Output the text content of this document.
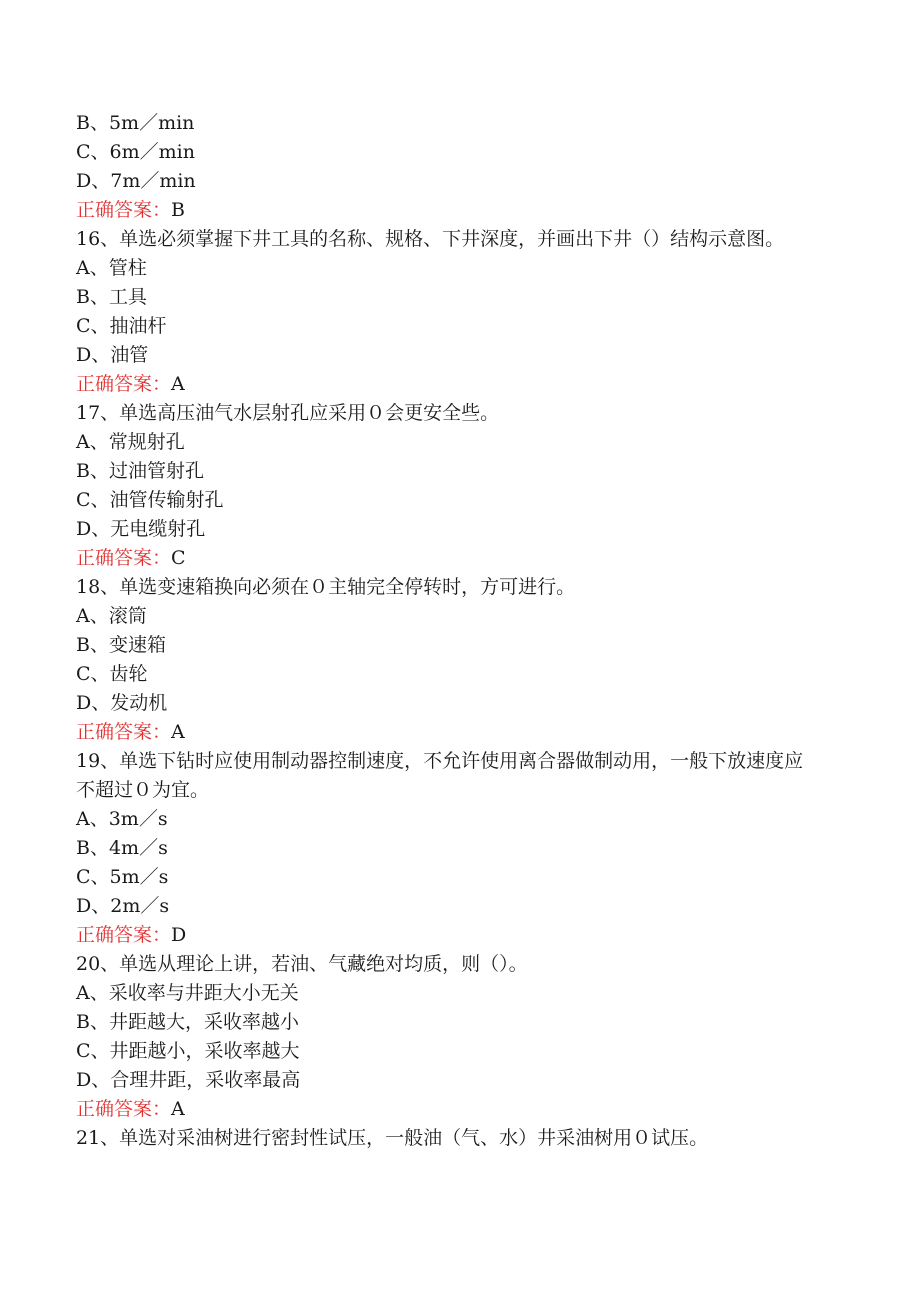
B、5m／min
C、6m／min
D、7m／min
正确答案：B
16、单选必须掌握下井工具的名称、规格、下井深度，并画出下井（）结构示意图。
A、管柱
B、工具
C、抽油杆
D、油管
正确答案：A
17、单选高压油气水层射孔应采用０会更安全些。
A、常规射孔
B、过油管射孔
C、油管传输射孔
D、无电缆射孔
正确答案：C
18、单选变速箱换向必须在０主轴完全停转时，方可进行。
A、滚筒
B、变速箱
C、齿轮
D、发动机
正确答案：A
19、单选下钻时应使用制动器控制速度，不允许使用离合器做制动用，一般下放速度应不超过０为宜。
A、3m／s
B、4m／s
C、5m／s
D、2m／s
正确答案：D
20、单选从理论上讲，若油、气藏绝对均质，则（）。
A、采收率与井距大小无关
B、井距越大，采收率越小
C、井距越小，采收率越大
D、合理井距，采收率最高
正确答案：A
21、单选对采油树进行密封性试压，一般油（气、水）井采油树用０试压。
